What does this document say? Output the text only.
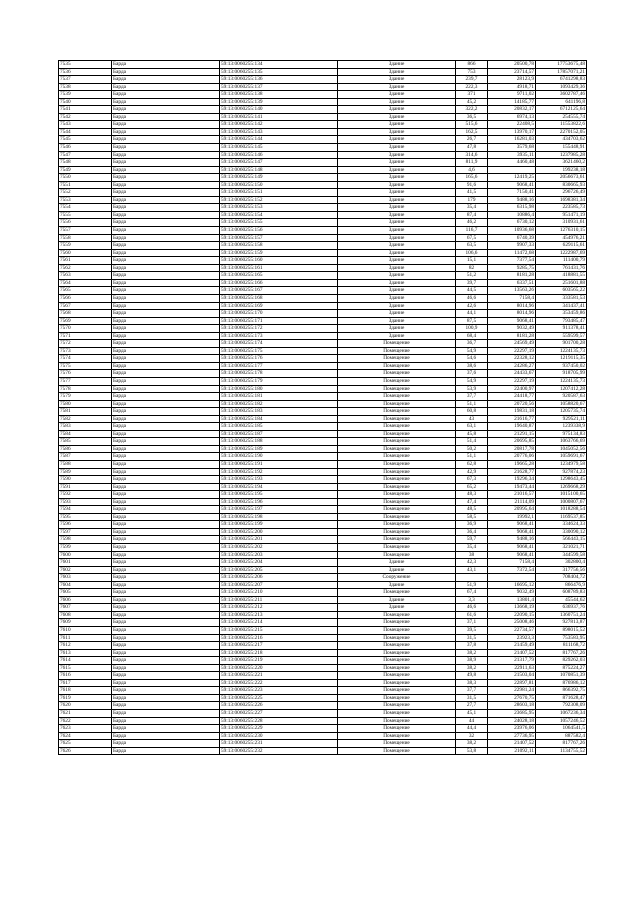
7535	Барда	59:13:0060255:134	Здание	866	20500,78	17753675,48
7536	Барда	59:13:0060255:135	Здание	753	23714,57	17857071,21
7537	Барда	59:13:0060255:136	Здание	239,7	28123,9	6741298,83
7538	Барда	59:13:0060255:137	Здание	222,3	4918,71	1093429,36
7539	Барда	59:13:0060255:138	Здание	371	9711,02	3602787,46
7540	Барда	59:13:0060255:139	Здание	45,2	14185,77	641196,8
7541	Барда	59:13:0060255:140	Здание	322,2	20832,17	6712125,64
7542	Барда	59:13:0060255:141	Здание	36,5	6974,13	254555,74
7543	Барда	59:13:0060255:142	Здание	515,6	22408,5	11553822,6
7544	Барда	59:13:0060255:143	Здание	162,5	13970,17	2270152,05
7545	Барда	59:13:0060255:144	Здание	26,7	16281,03	434703,62
7546	Барда	59:13:0060255:145	Здание	47,8	3579,68	155448,91
7547	Барда	59:13:0060255:146	Здание	314,6	3935,11	1237985,28
7548	Барда	59:13:0060255:147	Здание	811,9	4460,48	3621460,2
7549	Барда	59:13:0060255:148	Здание	4,6		199238,18
7550	Барда	59:13:0060255:149	Здание	165,6	12419,25	2056673,61
7551	Барда	59:13:0060255:150	Здание	91,6	9068,41	830665,93
7552	Барда	59:13:0060255:151	Здание	41,5	7150,41	296726,49
7553	Барда	59:13:0060255:152	Здание	179	9488,16	1698381,34
7554	Барда	59:13:0060255:153	Здание	35,4	6315,98	223585,73
7555	Барда	59:13:0060255:154	Здание	87,4	10886,4	951471,19
7556	Барда	59:13:0060255:155	Здание	46,2	6730,12	310931,61
7557	Барда	59:13:0060255:156	Здание	116,7	10936,68	1276310,15
7558	Барда	59:13:0060255:157	Здание	67,5	6740,39	454976,21
7559	Барда	59:13:0060255:158	Здание	63,5	9907,33	629115,61
7560	Барда	59:13:0060255:159	Здание	106,6	11472,68	1222987,69
7561	Барда	59:13:0060255:160	Здание	15,1	7377,54	111400,79
7562	Барда	59:13:0060255:161	Здание	82	9285,75	761431,76
7563	Барда	59:13:0060255:165	Здание	51,2	8181,28	418881,55
7564	Барда	59:13:0060255:166	Здание	39,7	6337,51	251601,88
7565	Барда	59:13:0060255:167	Здание	44,5	13563,26	603565,22
7566	Барда	59:13:0060255:168	Здание	46,6	7158,4	333581,53
7567	Барда	59:13:0060255:169	Здание	42,6	8014,96	341437,41
7568	Барда	59:13:0060255:170	Здание	44,1	8014,96	353459,86
7569	Барда	59:13:0060255:171	Здание	87,5	9068,41	793485,47
7570	Барда	59:13:0060255:172	Здание	100,9	9032,49	911378,41
7571	Барда	59:13:0060255:173	Здание	68,4	8181,28	559599,57
7572	Барда	59:13:0060255:174	Помещение	36,7	24569,49	901700,28
7573	Барда	59:13:0060255:175	Помещение	54,9	22297,19	1224135,73
7574	Барда	59:13:0060255:176	Помещение	54,6	22328,12	1219115,35
7575	Барда	59:13:0060255:177	Помещение	38,6	24286,27	937450,02
7576	Барда	59:13:0060255:178	Помещение	37,6	24433,67	918705,99
7577	Барда	59:13:0060255:179	Помещение	54,9	22297,19	1224135,73
7578	Барда	59:13:0060255:180	Помещение	53,9	22400,97	1207412,28
7579	Барда	59:13:0060255:181	Помещение	37,7	24418,77	920587,63
7580	Барда	59:13:0060255:182	Помещение	51,1	20720,56	1058820,67
7581	Барда	59:13:0060255:183	Помещение	60,8	19831,18	1205735,74
7582	Барда	59:13:0060255:184	Помещение	43	21616,77	929521,11
7583	Барда	59:13:0060255:185	Помещение	63,1	19640,87	1239338,9
7584	Барда	59:13:0060255:187	Помещение	45,8	21291,15	975134,83
7585	Барда	59:13:0060255:188	Помещение	51,4	20695,85	1063766,69
7586	Барда	59:13:0060255:189	Помещение	50,2	20817,78	1045052,56
7587	Барда	59:13:0060255:190	Помещение	51,1	20776,06	1059691,67
7588	Барда	59:13:0060255:191	Помещение	62,8	19665,28	1234979,58
7589	Барда	59:13:0060255:192	Помещение	42,9	21628,77	927874,23
7590	Барда	59:13:0060255:193	Помещение	67,3	19296,34	1298643,45
7591	Барда	59:13:0060255:194	Помещение	65,2	19473,44	1269668,29
7592	Барда	59:13:0060255:195	Помещение	48,3	21016,57	1015100,65
7593	Барда	59:13:0060255:196	Помещение	47,4	21114,09	1000807,67
7594	Барда	59:13:0060255:197	Помещение	48,5	20995,64	1018288,54
7595	Барда	59:13:0060255:198	Помещение	58,5	19992,1	1169537,85
7596	Барда	59:13:0060255:199	Помещение	36,9	9068,41	334624,33
7597	Барда	59:13:0060255:200	Помещение	36,4	9068,41	330090,12
7598	Барда	59:13:0060255:201	Помещение	59,7	9488,16	566443,15
7599	Барда	59:13:0060255:202	Помещение	35,4	9068,41	321021,71
7600	Барда	59:13:0060255:203	Помещение	38	9068,41	344599,58
7601	Барда	59:13:0060255:204	Здание	42,3	7158,4	302800,4
7602	Барда	59:13:0060255:205	Здание	43,1	7372,54	317756,56
7603	Барда	59:13:0060255:206	Сооружение			708404,72
7604	Барда	59:13:0060255:207	Здание	51,9	16695,12	866476,9
7605	Барда	59:13:0060255:210	Помещение	67,4	9032,49	608789,83
7606	Барда	59:13:0060255:211	Здание	3,3	13801,4	45544,62
7607	Барда	59:13:0060255:212	Здание	46,6	13668,19	636937,76
7608	Барда	59:13:0060255:213	Помещение	61,6	22090,15	1360751,24
7609	Барда	59:13:0060255:214	Помещение	37,1	25008,46	927813,87
7610	Барда	59:13:0060255:215	Помещение	39,5	22734,57	898015,52
7611	Барда	59:13:0060255:216	Помещение	31,5	23923,3	753583,95
7612	Барда	59:13:0060255:217	Помещение	37,8	21459,49	811168,72
7613	Барда	59:13:0060255:218	Помещение	38,2	21407,52	817767,26
7614	Барда	59:13:0060255:219	Помещение	38,9	21317,79	829262,03
7615	Барда	59:13:0060255:220	Помещение	38,2	22911,63	875224,27
7616	Барда	59:13:0060255:221	Помещение	49,8	21503,04	1070851,39
7617	Барда	59:13:0060255:222	Помещение	38,3	22897,81	876986,12
7618	Барда	59:13:0060255:223	Помещение	37,7	22981,24	866392,75
7619	Барда	59:13:0060255:225	Помещение	31,5	27670,75	871628,47
7620	Барда	59:13:0060255:226	Помещение	27,7	28603,18	792308,09
7621	Барда	59:13:0060255:227	Помещение	45,1	23685,95	1067236,34
7622	Барда	59:13:0060255:228	Помещение	44	24028,18	1057246,52
7623	Барда	59:13:0060255:229	Помещение	44,4	23976,06	1064541,5
7624	Барда	59:13:0060255:230	Помещение	32	27736,95	887582,4
7625	Барда	59:13:0060255:231	Помещение	38,2	21407,52	817767,26
7626	Барда	59:13:0060255:232	Помещение	53,8	21092,11	1134755,52
